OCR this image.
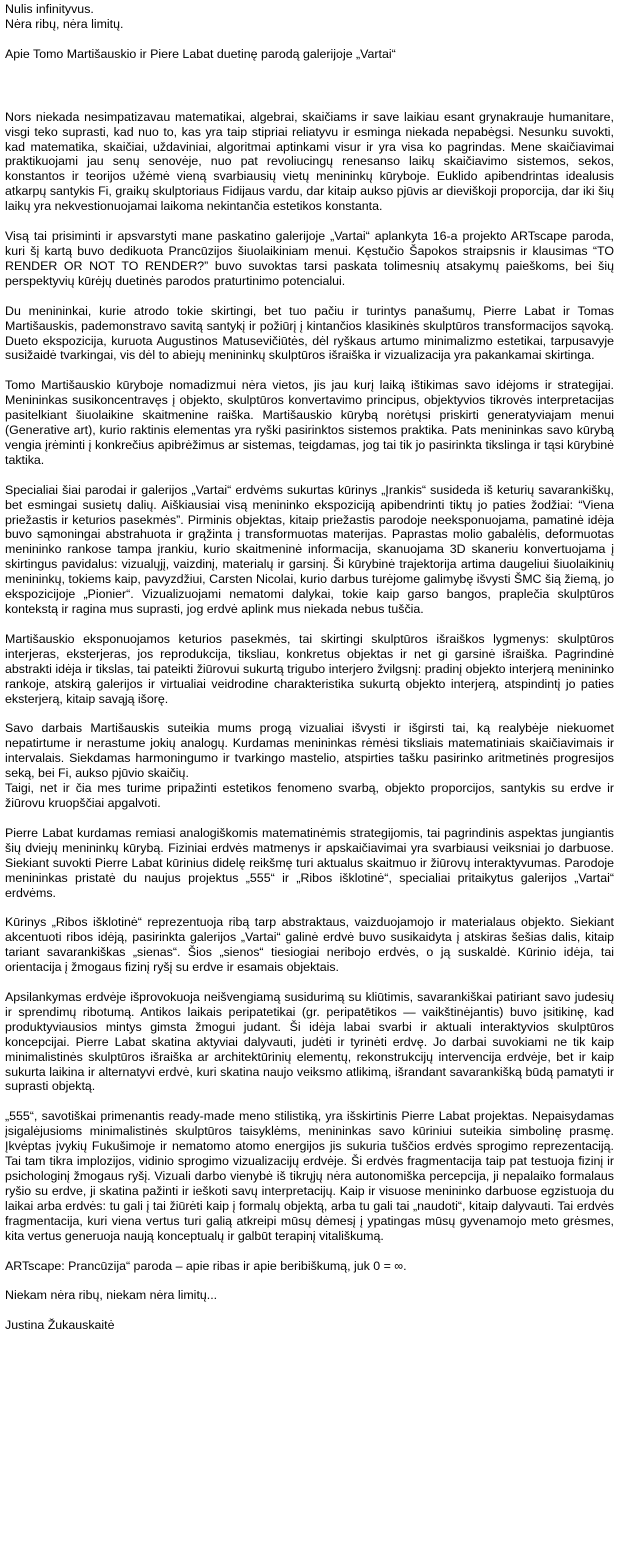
Nulis infinityvus.

Nėra ribų, nėra limitų.

Apie Tomo Martišauskio ir Piere Labat duetinę parodą galerijoje „Vartai“

Nors niekada nesimpatizavau matematikai, algebrai, skaičiams ir save laikiau esant grynakrauje humanitare, visgi teko suprasti, kad nuo to, kas yra taip stipriai reliatyvu ir esminga niekada nepabėgsi. Nesunku suvokti, kad matematika, skaičiai, uždaviniai, algoritmai aptinkami visur ir yra visa ko pagrindas. Mene skaičiavimai praktikuojami jau senų senovėje, nuo pat revoliucingų renesanso laikų skaičiavimo sistemos, sekos, konstantos ir teorijos užėmė vieną svarbiausių vietų menininkų kūryboje. Euklido apibendrintas idealusis atkarpų santykis Fi, graikų skulptoriaus Fidijaus vardu, dar kitaip aukso pjūvis ar dieviškoji proporcija, dar iki šių laikų yra nekvestionuojamai laikoma nekintančia estetikos konstanta.

Visą tai prisiminti ir apsvarstyti mane paskatino galerijoje „Vartai“ aplankyta 16-a projekto ARTscape paroda, kuri šį kartą buvo dedikuota Prancūzijos šiuolaikiniam menui. Kęstučio Šapokos straipsnis ir klausimas “TO RENDER OR NOT TO RENDER?” buvo suvoktas tarsi paskata tolimesnių atsakymų paieškoms, bei šių perspektyvių kūrėjų duetinės parodos praturtinimo potencialui.

Du menininkai, kurie atrodo tokie skirtingi, bet tuo pačiu ir turintys panašumų, Pierre Labat ir Tomas Martišauskis, pademonstravo savitą santykį ir požiūrį į kintančios klasikinės skulptūros transformacijos sąvoką. Dueto ekspozicija, kuruota Augustinos Matusevičiūtės, dėl ryškaus artumo minimalizmo estetikai, tarpusavyje susižaidė tvarkingai, vis dėl to abiejų menininkų skulptūros išraiška ir vizualizacija yra pakankamai skirtinga.

Tomo Martišauskio kūryboje nomadizmui nėra vietos, jis jau kurį laiką ištikimas savo idėjoms ir strategijai. Menininkas susikoncentravęs į objekto, skulptūros konvertavimo principus, objektyvios tikrovės interpretacijas pasitelkiant šiuolaikine skaitmenine raiška. Martišauskio kūrybą norėtųsi priskirti generatyviajam menui (Generative art), kurio raktinis elementas yra ryški pasirinktos sistemos praktika. Pats menininkas savo kūrybą vengia įrėminti į konkrečius apibrėžimus ar sistemas, teigdamas, jog tai tik jo pasirinkta tikslinga ir tąsi kūrybinė taktika.

Specialiai šiai parodai ir galerijos „Vartai“ erdvėms sukurtas kūrinys „Įrankis“ susideda iš keturių savarankiškų, bet esmingai susietų dalių. Aiškiausiai visą menininko ekspoziciją apibendrinti tiktų jo paties žodžiai: “Viena priežastis ir keturios pasekmės”. Pirminis objektas, kitaip priežastis parodoje neeksponuojama, pamatinė idėja buvo sąmoningai abstrahuota ir grąžinta į transformuotas materijas. Paprastas molio gabalėlis, deformuotas menininko rankose tampa įrankiu, kurio skaitmeninė informacija, skanuojama 3D skaneriu konvertuojama į skirtingus pavidalus: vizualųjį, vaizdinį, materialų ir garsinį. Ši kūrybinė trajektorija artima daugeliui šiuolaikinių menininkų, tokiems kaip, pavyzdžiui, Carsten Nicolai, kurio darbus turėjome galimybę išvysti ŠMC šią žiemą, jo ekspozicijoje „Pionier“. Vizualizuojami nematomi dalykai, tokie kaip garso bangos, praplečia skulptūros kontekstą ir ragina mus suprasti, jog erdvė aplink mus niekada nebus tuščia.

Martišauskio eksponuojamos keturios pasekmės, tai skirtingi skulptūros išraiškos lygmenys: skulptūros interjeras, eksterjeras, jos reprodukcija, tiksliau, konkretus objektas ir net gi garsinė išraiška. Pagrindinė abstrakti idėja ir tikslas, tai pateikti žiūrovui sukurtą trigubo interjero žvilgsnį: pradinį objekto interjerą menininko rankoje, atskirą galerijos ir virtualiai veidrodine charakteristika sukurtą objekto interjerą, atspindintį jo paties eksterjerą, kitaip savąją išorę.

Savo darbais Martišauskis suteikia mums progą vizualiai išvysti ir išgirsti tai, ką realybėje niekuomet nepatirtume ir nerastume jokių analogų. Kurdamas menininkas rėmėsi tiksliais matematiniais skaičiavimais ir intervalais. Siekdamas harmoningumo ir tvarkingo mastelio, atspirties tašku pasirinko aritmetinės progresijos seką, bei Fi, aukso pjūvio skaičių.

Taigi, net ir čia mes turime pripažinti estetikos fenomeno svarbą, objekto proporcijos, santykis su erdve ir žiūrovu kruopščiai apgalvoti.

Pierre Labat kurdamas remiasi analogiškomis matematinėmis strategijomis, tai pagrindinis aspektas jungiantis šių dviejų menininkų kūrybą. Fiziniai erdvės matmenys ir apskaičiavimai yra svarbiausi veiksniai jo darbuose. Siekiant suvokti Pierre Labat kūrinius didelę reikšmę turi aktualus skaitmuo ir žiūrovų interaktyvumas. Parodoje menininkas pristatė du naujus projektus „555“ ir „Ribos išklotinė“, specialiai pritaikytus galerijos „Vartai“ erdvėms.

Kūrinys „Ribos išklotinė“ reprezentuoja ribą tarp abstraktaus, vaizduojamojo ir materialaus objekto. Siekiant akcentuoti ribos idėją, pasirinkta galerijos „Vartai“ galinė erdvė buvo susikaidyta į atskiras šešias dalis, kitaip tariant savarankiškas „sienas“. Šios „sienos“ tiesiogiai neribojo erdvės, o ją suskaldė. Kūrinio idėja, tai orientacija į žmogaus fizinį ryšį su erdve ir esamais objektais.

Apsilankymas erdvėje išprovokuoja neišvengiamą susidurimą su kliūtimis, savarankiškai patiriant savo judesių ir sprendimų ribotumą. Antikos laikais peripatetikai (gr. peripatētikos — vaikštinėjantis) buvo įsitikinę, kad produktyviausios mintys gimsta žmogui judant. Ši idėja labai svarbi ir aktuali interaktyvios skulptūros koncepcijai. Pierre Labat skatina aktyviai dalyvauti, judėti ir tyrinėti erdvę. Jo darbai suvokiami ne tik kaip minimalistinės skulptūros išraiška ar architektūrinių elementų, rekonstrukcijų intervencija erdvėje, bet ir kaip sukurta laikina ir alternatyvi erdvė, kuri skatina naujo veiksmo atlikimą, išrandant savarankišką būdą pamatyti ir suprasti objektą.

„555“, savotiškai primenantis ready-made meno stilistiką, yra išskirtinis Pierre Labat projektas. Nepaisydamas įsigalėjusioms minimalistinės skulptūros taisyklėms, menininkas savo kūriniui suteikia simbolinę prasmę. Įkvėptas įvykių Fukušimoje ir nematomo atomo energijos jis sukuria tuščios erdvės sprogimo reprezentaciją. Tai tam tikra implozijos, vidinio sprogimo vizualizacijų erdvėje. Ši erdvės fragmentacija taip pat testuoja fizinį ir psichologinį žmogaus ryšį. Vizuali darbo vienybė iš tikrųjų nėra autonomiška percepcija, ji nepalaiko formalaus ryšio su erdve, ji skatina pažinti ir ieškoti savų interpretacijų. Kaip ir visuose menininko darbuose egzistuoja du laikai arba erdvės: tu gali į tai žiūrėti kaip į formalų objektą, arba tu gali tai „naudoti“, kitaip dalyvauti. Tai erdvės fragmentacija, kuri viena vertus turi galią atkreipi mūsų dėmesį į ypatingas mūsų gyvenamojo meto grėsmes, kita vertus generuoja naują konceptualų ir galbūt terapinį vitališkumą.

ARTscape: Prancūzija“ paroda – apie ribas ir apie beribiškumą, juk 0 = ∞.

Niekam nėra ribų, niekam nėra limitų...

Justina Žukauskaitė
